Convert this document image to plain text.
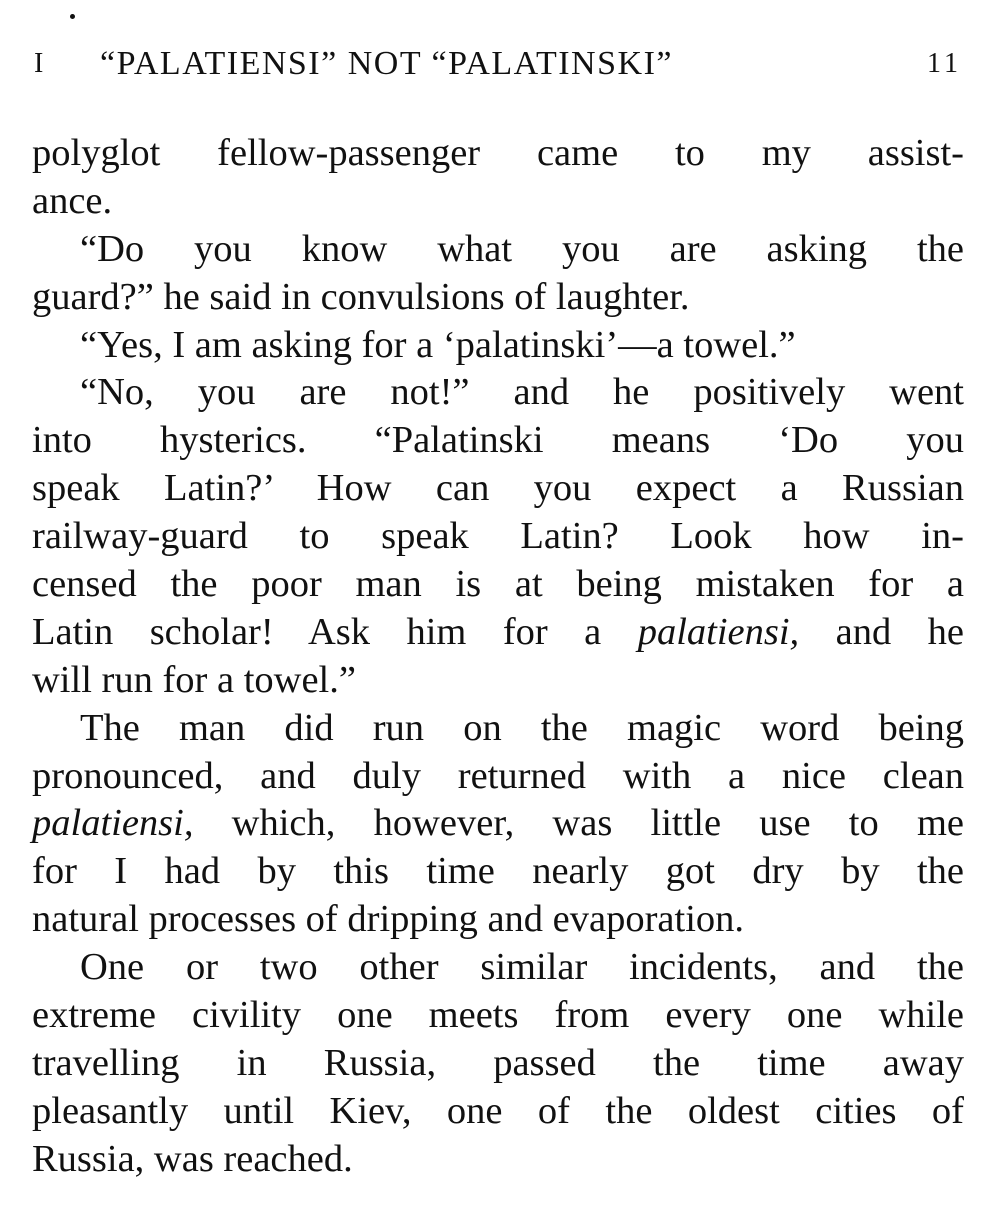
I “PALATIENSI” NOT “PALATINSKI”	11
polyglot fellow-passenger came to my assist-
ance.
“Do you know what you are asking the
guard?” he said in convulsions of laughter.
“Yes, I am asking for a ‘palatinski’—a towel.”
“No, you are not!” and he positively went
into hysterics. “Palatinski means ‘Do you
speak Latin?’ How can you expect a Russian
railway-guard to speak Latin? Look how in-
censed the poor man is at being mistaken for a
Latin scholar! Ask him for a palatiensi, and he
will run for a towel.”
The man did run on the magic word being
pronounced, and duly returned with a nice clean
palatiensi, which, however, was little use to me
for I had by this time nearly got dry by the
natural processes of dripping and evaporation.
One or two other similar incidents, and the
extreme civility one meets from every one while
travelling in Russia, passed the time away
pleasantly until Kiev, one of the oldest cities of
Russia, was reached.
